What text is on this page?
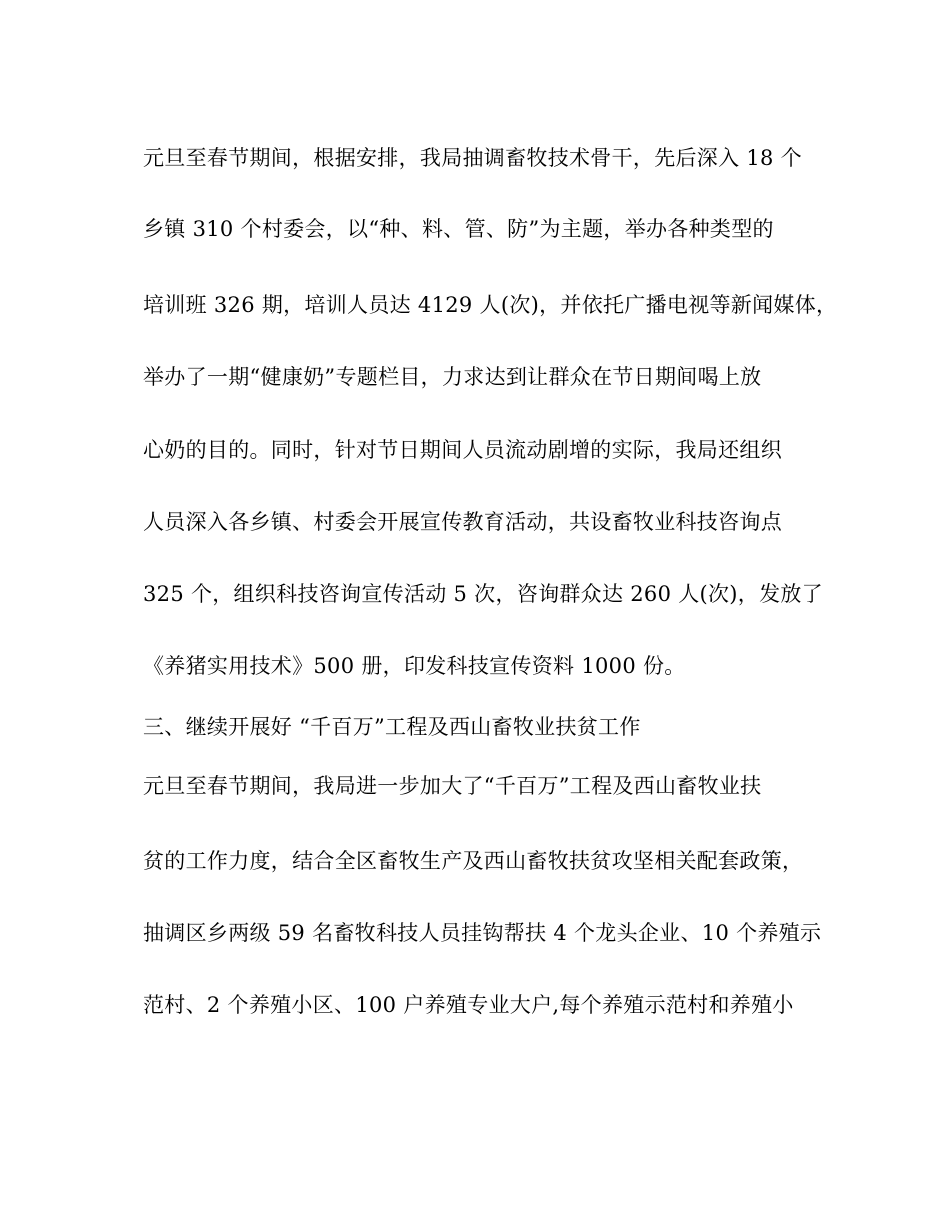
元旦至春节期间，根据安排，我局抽调畜牧技术骨干，先后深入 18 个
乡镇 310 个村委会，以“种、料、管、防”为主题，举办各种类型的
培训班 326 期，培训人员达 4129 人(次)，并依托广播电视等新闻媒体，
举办了一期“健康奶”专题栏目，力求达到让群众在节日期间喝上放
心奶的目的。同时，针对节日期间人员流动剧增的实际，我局还组织
人员深入各乡镇、村委会开展宣传教育活动，共设畜牧业科技咨询点
325 个，组织科技咨询宣传活动 5 次，咨询群众达 260 人(次)，发放了
《养猪实用技术》500 册，印发科技宣传资料 1000 份。
三、继续开展好 “千百万”工程及西山畜牧业扶贫工作
元旦至春节期间，我局进一步加大了“千百万”工程及西山畜牧业扶
贫的工作力度，结合全区畜牧生产及西山畜牧扶贫攻坚相关配套政策，
抽调区乡两级 59 名畜牧科技人员挂钩帮扶 4 个龙头企业、10 个养殖示
范村、2 个养殖小区、100 户养殖专业大户,每个养殖示范村和养殖小
